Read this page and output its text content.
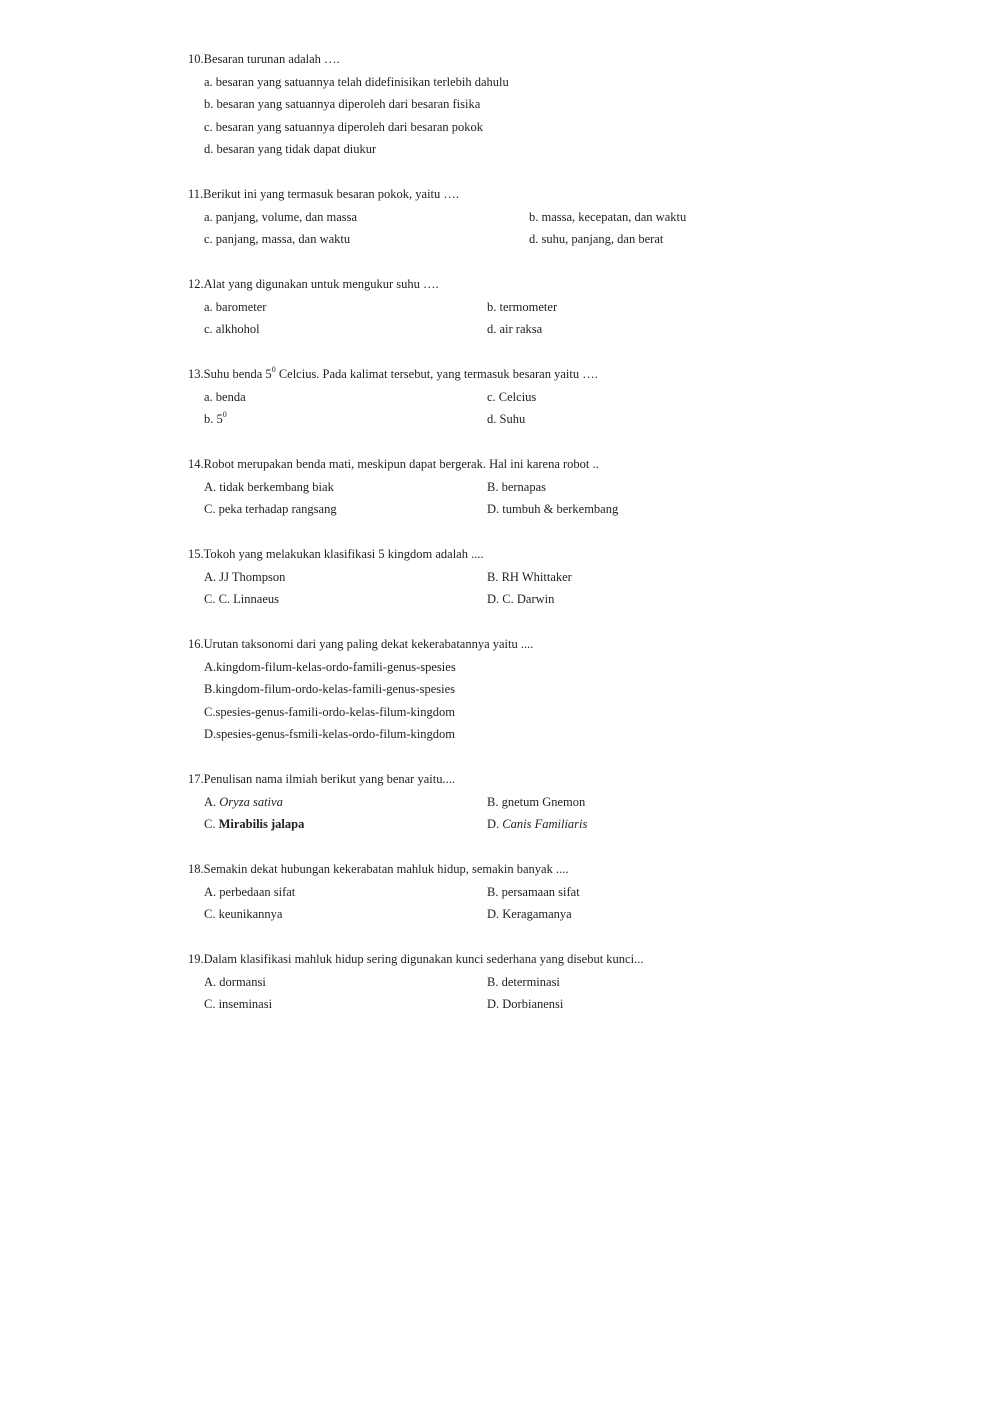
10.Besaran turunan adalah ….
a. besaran yang satuannya telah didefinisikan terlebih dahulu
b. besaran yang satuannya diperoleh dari besaran fisika
c. besaran yang satuannya diperoleh dari besaran pokok
d. besaran yang tidak dapat diukur
11.Berikut ini yang termasuk besaran pokok, yaitu ….
a. panjang, volume, dan massa	b. massa, kecepatan, dan waktu
c. panjang, massa, dan waktu	d. suhu, panjang, dan berat
12.Alat yang digunakan untuk mengukur suhu ….
a. barometer	b. termometer
c. alkhohol	d. air raksa
13.Suhu benda $5^0$ Celcius. Pada kalimat tersebut, yang termasuk besaran yaitu ….
a. benda	c. Celcius
b. $5^0$	d. Suhu
14.Robot merupakan benda mati, meskipun dapat bergerak. Hal ini karena robot ..
A. tidak berkembang biak	B. bernapas
C. peka terhadap rangsang	D. tumbuh & berkembang
15.Tokoh yang melakukan klasifikasi 5 kingdom adalah ....
A. JJ Thompson	B. RH Whittaker
C. C. Linnaeus	D. C. Darwin
16.Urutan taksonomi dari yang paling dekat kekerabatannya yaitu ....
A.kingdom-filum-kelas-ordo-famili-genus-spesies
B.kingdom-filum-ordo-kelas-famili-genus-spesies
C.spesies-genus-famili-ordo-kelas-filum-kingdom
D.spesies-genus-fsmili-kelas-ordo-filum-kingdom
17.Penulisan nama ilmiah berikut yang benar yaitu....
A. Oryza sativa	B. gnetum Gnemon
C. Mirabilis jalapa	D. Canis Familiaris
18.Semakin dekat hubungan kekerabatan mahluk hidup, semakin banyak ....
A. perbedaan sifat	B. persamaan sifat
C. keunikannya	D. Keragamanya
19.Dalam klasifikasi mahluk hidup sering digunakan kunci sederhana yang disebut kunci...
A. dormansi	B. determinasi
C. inseminasi	D. Dorbianensi
